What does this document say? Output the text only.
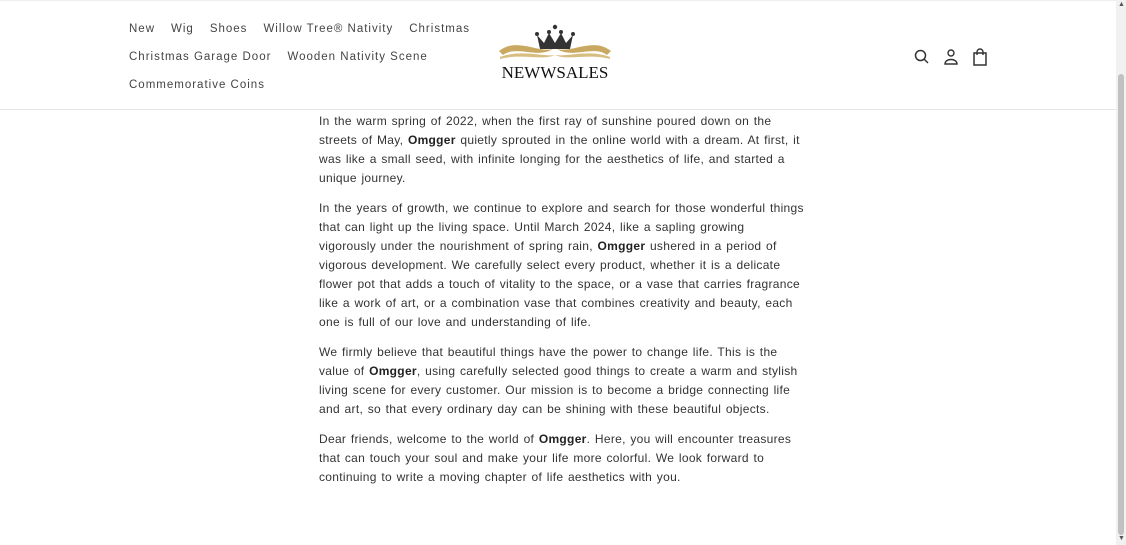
New Wig Shoes Willow Tree® Nativity Christmas
Christmas Garage Door Wooden Nativity Scene
Commemorative Coins
NEWWSALES

In the warm spring of 2022, when the first ray of sunshine poured down on the streets of May, Omgger quietly sprouted in the online world with a dream. At first, it was like a small seed, with infinite longing for the aesthetics of life, and started a unique journey.

In the years of growth, we continue to explore and search for those wonderful things that can light up the living space. Until March 2024, like a sapling growing vigorously under the nourishment of spring rain, Omgger ushered in a period of vigorous development. We carefully select every product, whether it is a delicate flower pot that adds a touch of vitality to the space, or a vase that carries fragrance like a work of art, or a combination vase that combines creativity and beauty, each one is full of our love and understanding of life.

We firmly believe that beautiful things have the power to change life. This is the value of Omgger, using carefully selected good things to create a warm and stylish living scene for every customer. Our mission is to become a bridge connecting life and art, so that every ordinary day can be shining with these beautiful objects.

Dear friends, welcome to the world of Omgger. Here, you will encounter treasures that can touch your soul and make your life more colorful. We look forward to continuing to write a moving chapter of life aesthetics with you.

▲
▼
